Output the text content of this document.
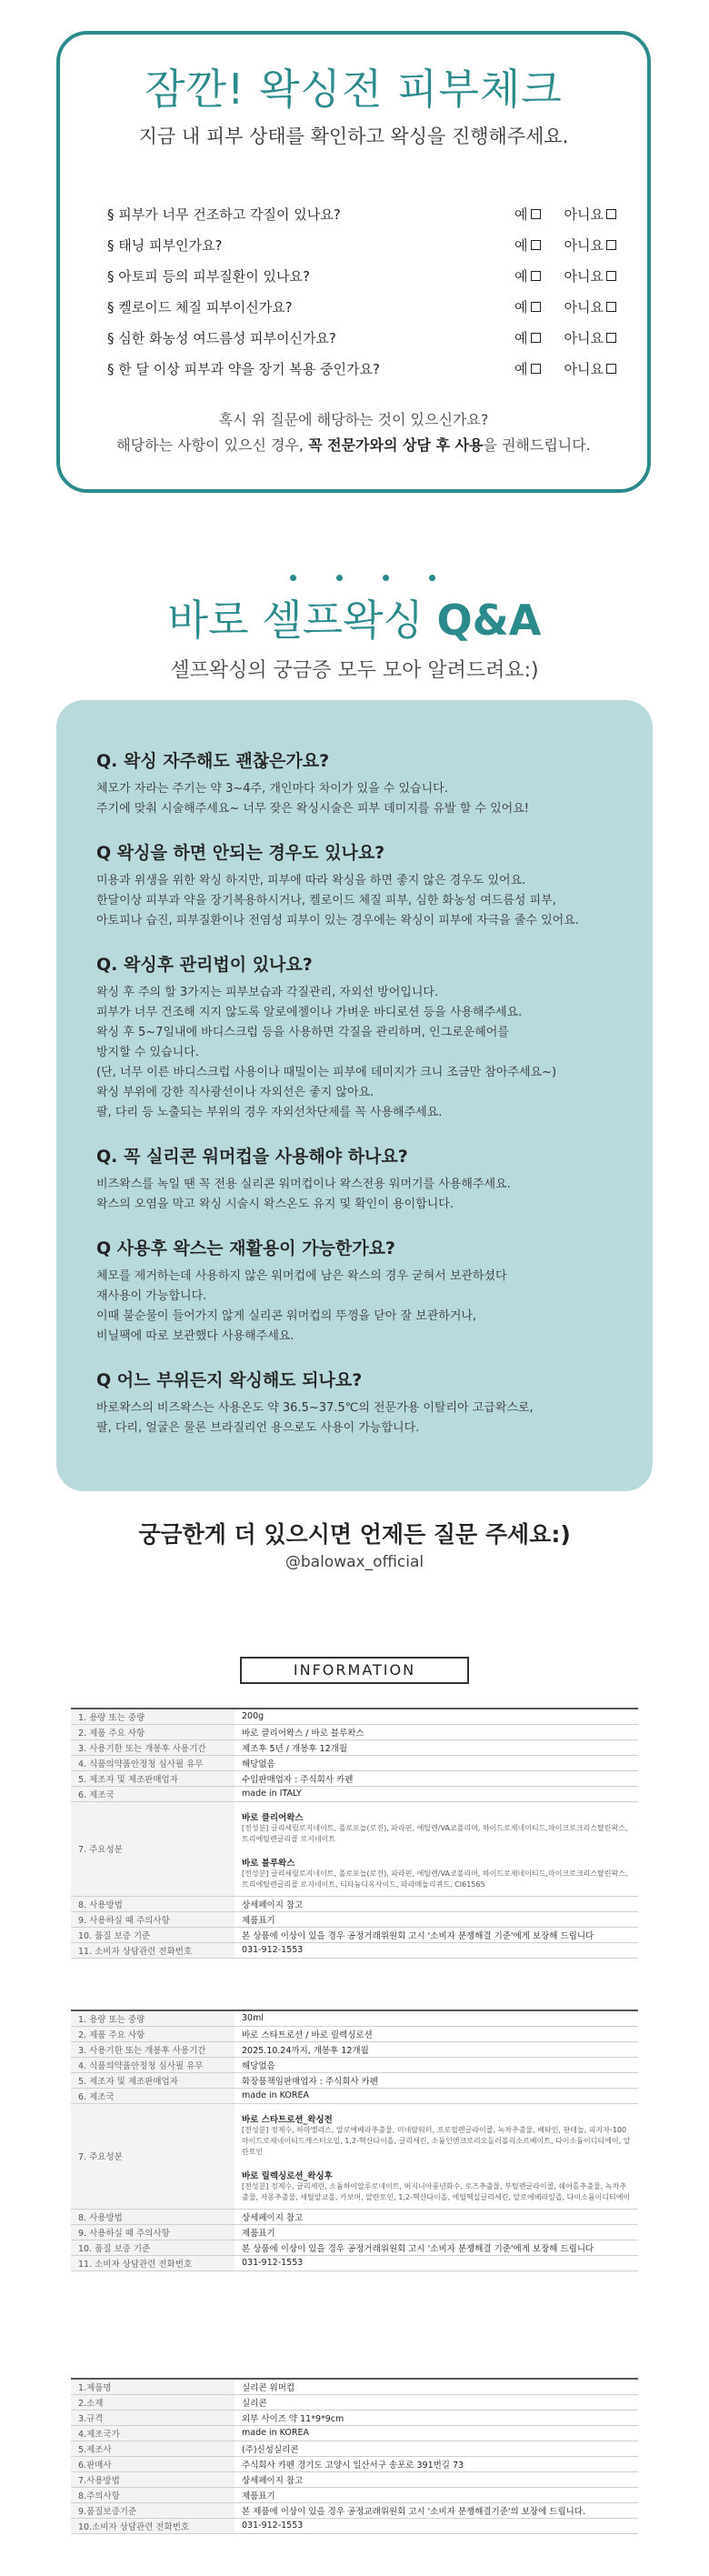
잠깐! 왁싱전 피부체크
지금 내 피부 상태를 확인하고 왁싱을 진행해주세요.
§ 피부가 너무 건조하고 각질이 있나요?	예	아니요
§ 태닝 피부인가요?	예	아니요
§ 아토피 등의 피부질환이 있나요?	예	아니요
§ 켈로이드 체질 피부이신가요?	예	아니요
§ 심한 화농성 여드름성 피부이신가요?	예	아니요
§ 한 달 이상 피부과 약을 장기 복용 중인가요?	예	아니요
혹시 위 질문에 해당하는 것이 있으신가요?
해당하는 사항이 있으신 경우, 꼭 전문가와의 상담 후 사용을 권해드립니다.
바로 셀프왁싱 Q&A
셀프왁싱의 궁금증 모두 모아 알려드려요:)
Q. 왁싱 자주해도 괜찮은가요?
체모가 자라는 주기는 약 3~4주, 개인마다 차이가 있을 수 있습니다.
주기에 맞춰 시술해주세요~ 너무 잦은 왁싱시술은 피부 데미지를 유발 할 수 있어요!
Q 왁싱을 하면 안되는 경우도 있나요?
미용과 위생을 위한 왁싱 하지만, 피부에 따라 왁싱을 하면 좋지 않은 경우도 있어요.
한달이상 피부과 약을 장기복용하시거나, 켈로이드 체질 피부, 심한 화농성 여드름성 피부,
아토피나 습진, 피부질환이나 전염성 피부이 있는 경우에는 왁싱이 피부에 자극을 줄수 있어요.
Q. 왁싱후 관리법이 있나요?
왁싱 후 주의 할 3가지는 피부보습과 각질관리, 자외선 방어입니다.
피부가 너무 건조해 지지 않도록 알로에젤이나 가벼운 바디로션 등을 사용해주세요.
왁싱 후 5~7일내에 바디스크럽 등을 사용하면 각질을 관리하며, 인그로운헤어를
방지할 수 있습니다.
(단, 너무 이른 바디스크럽 사용이나 때밀이는 피부에 데미지가 크니 조금만 참아주세요~)
왁싱 부위에 강한 직사광선이나 자외선은 좋지 않아요.
팔, 다리 등 노출되는 부위의 경우 자외선차단제를 꼭 사용해주세요.
Q. 꼭 실리콘 워머컵을 사용해야 하나요?
비즈왁스를 녹일 땐 꼭 전용 실리콘 워머컵이나 왁스전용 워머기를 사용해주세요.
왁스의 오염을 막고 왁싱 시술시 왁스온도 유지 및 확인이 용이합니다.
Q 사용후 왁스는 재활용이 가능한가요?
체모를 제거하는데 사용하지 않은 워머컵에 남은 왁스의 경우 굳혀서 보관하셨다
재사용이 가능합니다.
이때 불순물이 들어가지 않게 실리콘 워머컵의 뚜껑을 닫아 잘 보관하거나,
비닐팩에 따로 보관했다 사용해주세요.
Q 어느 부위든지 왁싱해도 되나요?
바로왁스의 비즈왁스는 사용온도 약 36.5~37.5℃의 전문가용 이탈리아 고급왁스로,
팔, 다리, 얼굴은 물론 브라질리언 용으로도 사용이 가능합니다.
궁금한게 더 있으시면 언제든 질문 주세요:)
@balowax_official
INFORMATION
1. 용량 또는 중량	200g
2. 제품 주요 사항	바로 클리어왁스 / 바로 블루왁스
3. 사용기한 또는 개봉후 사용기간	제조후 5년 / 개봉후 12개월
4. 식품의약품안정청 심사필 유무	해당없음
5. 제조자 및 제조판매업자	수입판매업자 : 주식회사 카펜
6. 제조국	made in ITALY
7. 주요성분	바로 클리어왁스
[전성분] 글리세릴로지네이트, 폴로포놀(로진), 파라핀, 에틸렌/VA코폴리머, 하이드로제네이티드,마이크로크리스탈린왁스, 트리에틸렌글리콜 로지네이트
바로 블루왁스
[전성분] 글리세릴로지네이트, 폴로포놀(로진), 파라핀, 에틸렌/VA코폴리머, 하이드로제네이티드,마이크로크리스탈린왁스, 트리에틸렌글리콜 로지네이트, 티타늄디옥사이드, 파라메놀리퀴드, CI61565

8. 사용방법	상세페이지 참고
9. 사용하실 때 주의사항	제품표기
10. 품질 보증 기준	본 상품에 이상이 있을 경우 공정거래위원회 고시 '소비자 분쟁해결 기준'에게 보장해 드립니다
11. 소비자 상담관련 전화번호	031-912-1553
1. 용량 또는 중량	30ml
2. 제품 주요 사항	바로 스타트로션 / 바로 릴렉싱로션
3. 사용기한 또는 개봉후 사용기간	2025.10.24까지, 개봉후 12개월
4. 식품의약품안정청 심사필 유무	해당없음
5. 제조자 및 제조판매업자	화장품책임판매업자 : 주식회사 카펜
6. 제조국	made in KOREA
7. 주요성분	바로 스타트로션_왁싱전
[전성분] 정제수, 하마멜리스, 알로에베라추출물, 미네랄워터, 프로필렌글라이콜, 녹차추출물, 베타인, 판테놀, 피지자-100마이드로제네이티드캐스터오일, 1,2-헥산다이올, 글리세린, 소듐인엔크로리오돌러폴리소르베이트, 다이소듐이디티에이, 알란토인
바로 릴렉싱로션_왁싱후
[전성분] 정제수, 글리세린, 소듐하이알루로네이트, 버지니아풍년화수, 로즈추출물, 부틸렌글라이콜, 쉐어홀추출물, 녹차추출물, 자몽추출물, 세틸알코올, 카보머, 알란토인, 1,2-헥산다이올, 에틸헥실글리세린, 알로에베라잎즙, 다이소듐이디티에이

8. 사용방법	상세페이지 참고
9. 사용하실 때 주의사항	제품표기
10. 품질 보증 기준	본 상품에 이상이 있을 경우 공정거래위원회 고시 '소비자 분쟁해결 기준'에게 보장해 드립니다
11. 소비자 상담관련 전화번호	031-912-1553
1.제품명	실리콘 워머컵
2.소재	실리콘
3.규격	외부 사이즈 약 11*9*9cm
4.제조국가	made in KOREA
5.제조사	(주)신성실리콘
6.판매사	주식회사 카펜 경기도 고양시 일산서구 송포로 391번길 73
7.사용방법	상세페이지 참고
8.주의사항	제품표기
9.품질보증기준	본 제품에 이상이 있을 경우 공정교래위원회 고시 '소비자 분쟁해결기준'의 보장에 드립니다.
10.소비자 상담관련 전화번호	031-912-1553
